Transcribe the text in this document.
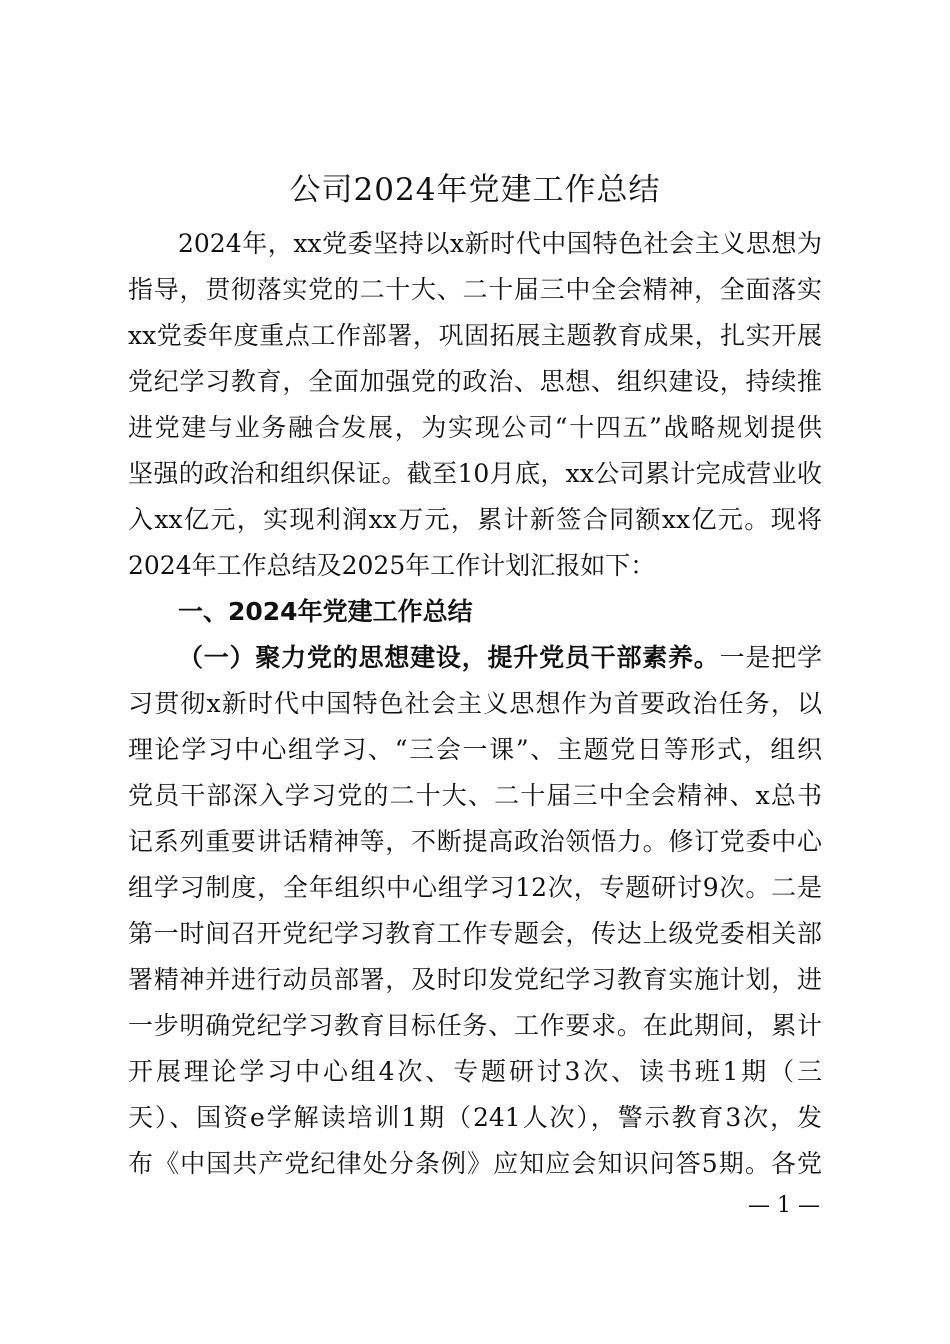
公司2024年党建工作总结
2024年，xx党委坚持以x新时代中国特色社会主义思想为
指导，贯彻落实党的二十大、二十届三中全会精神，全面落实
xx党委年度重点工作部署，巩固拓展主题教育成果，扎实开展
党纪学习教育，全面加强党的政治、思想、组织建设，持续推
进党建与业务融合发展，为实现公司“十四五”战略规划提供
坚强的政治和组织保证。截至10月底，xx公司累计完成营业收
入xx亿元，实现利润xx万元，累计新签合同额xx亿元。现将
2024年工作总结及2025年工作计划汇报如下：
一、2024年党建工作总结
（一）聚力党的思想建设，提升党员干部素养。一是把学
习贯彻x新时代中国特色社会主义思想作为首要政治任务，以
理论学习中心组学习、“三会一课”、主题党日等形式，组织
党员干部深入学习党的二十大、二十届三中全会精神、x总书
记系列重要讲话精神等，不断提高政治领悟力。修订党委中心
组学习制度，全年组织中心组学习12次，专题研讨9次。二是
第一时间召开党纪学习教育工作专题会，传达上级党委相关部
署精神并进行动员部署，及时印发党纪学习教育实施计划，进
一步明确党纪学习教育目标任务、工作要求。在此期间，累计
开展理论学习中心组4次、专题研讨3次、读书班1期（三
天）、国资e学解读培训1期（241人次），警示教育3次，发
布《中国共产党纪律处分条例》应知应会知识问答5期。各党
— 1 —
